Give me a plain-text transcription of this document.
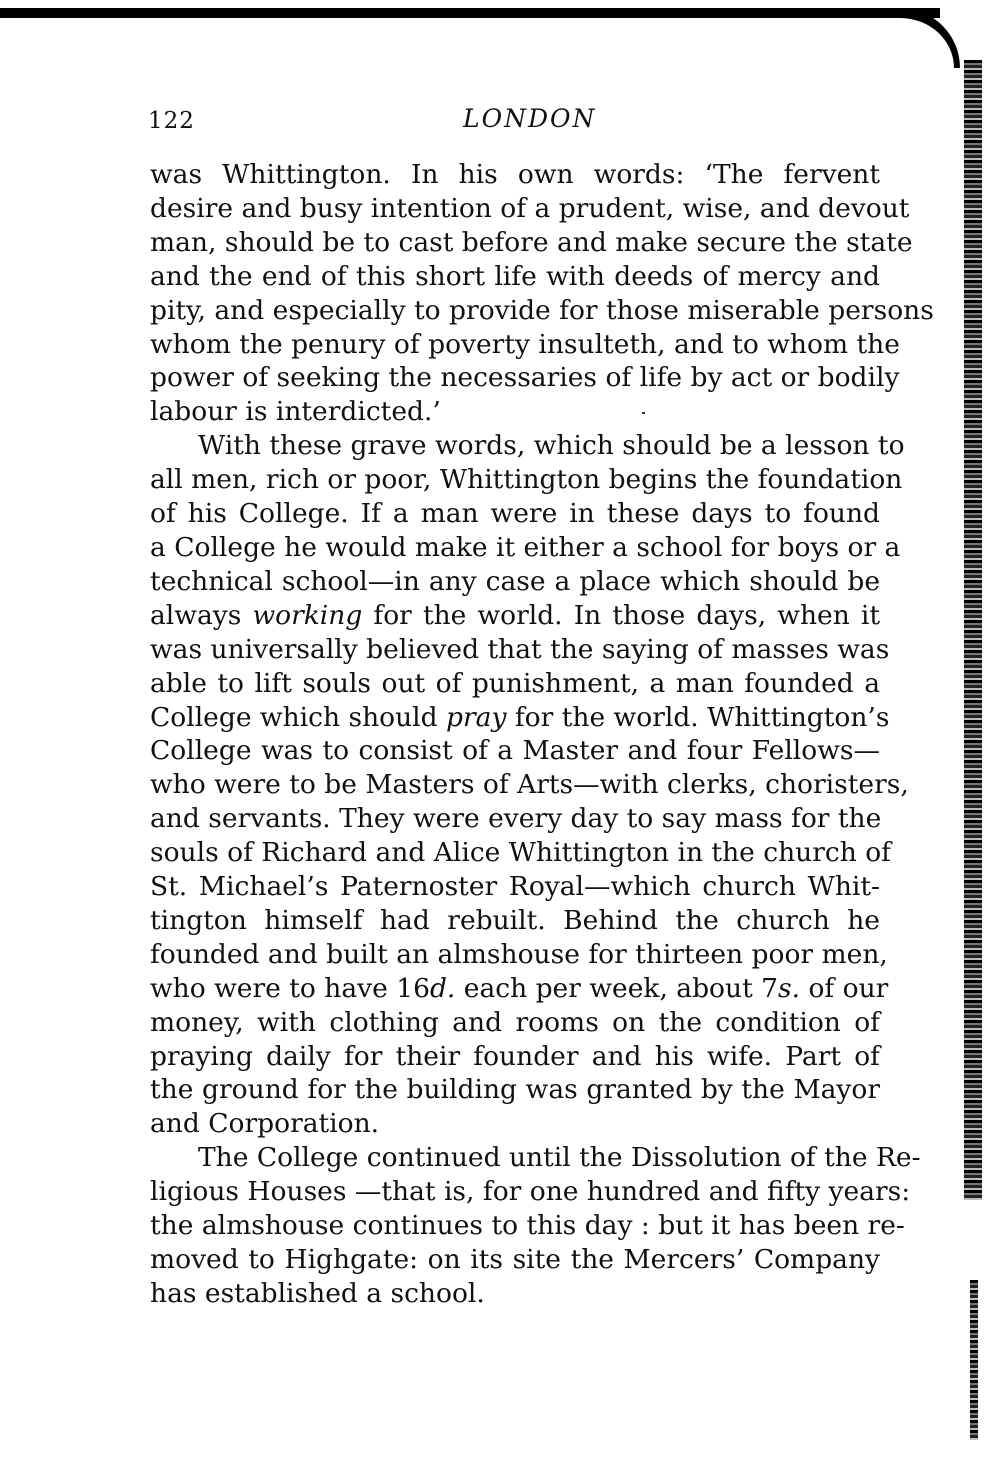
122	LONDON
was Whittington. In his own words: ‘The fervent
desire and busy intention of a prudent, wise, and devout
man, should be to cast before and make secure the state
and the end of this short life with deeds of mercy and
pity, and especially to provide for those miserable persons
whom the penury of poverty insulteth, and to whom the
power of seeking the necessaries of life by act or bodily
labour is interdicted.’
With these grave words, which should be a lesson to
all men, rich or poor, Whittington begins the foundation
of his College. If a man were in these days to found
a College he would make it either a school for boys or a
technical school—in any case a place which should be
always working for the world. In those days, when it
was universally believed that the saying of masses was
able to lift souls out of punishment, a man founded a
College which should pray for the world. Whittington’s
College was to consist of a Master and four Fellows—
who were to be Masters of Arts—with clerks, choristers,
and servants. They were every day to say mass for the
souls of Richard and Alice Whittington in the church of
St. Michael’s Paternoster Royal—which church Whit-
tington himself had rebuilt. Behind the church he
founded and built an almshouse for thirteen poor men,
who were to have 16d. each per week, about 7s. of our
money, with clothing and rooms on the condition of
praying daily for their founder and his wife. Part of
the ground for the building was granted by the Mayor
and Corporation.
The College continued until the Dissolution of the Re-
ligious Houses —that is, for one hundred and fifty years:
the almshouse continues to this day : but it has been re-
moved to Highgate: on its site the Mercers’ Company
has established a school.
